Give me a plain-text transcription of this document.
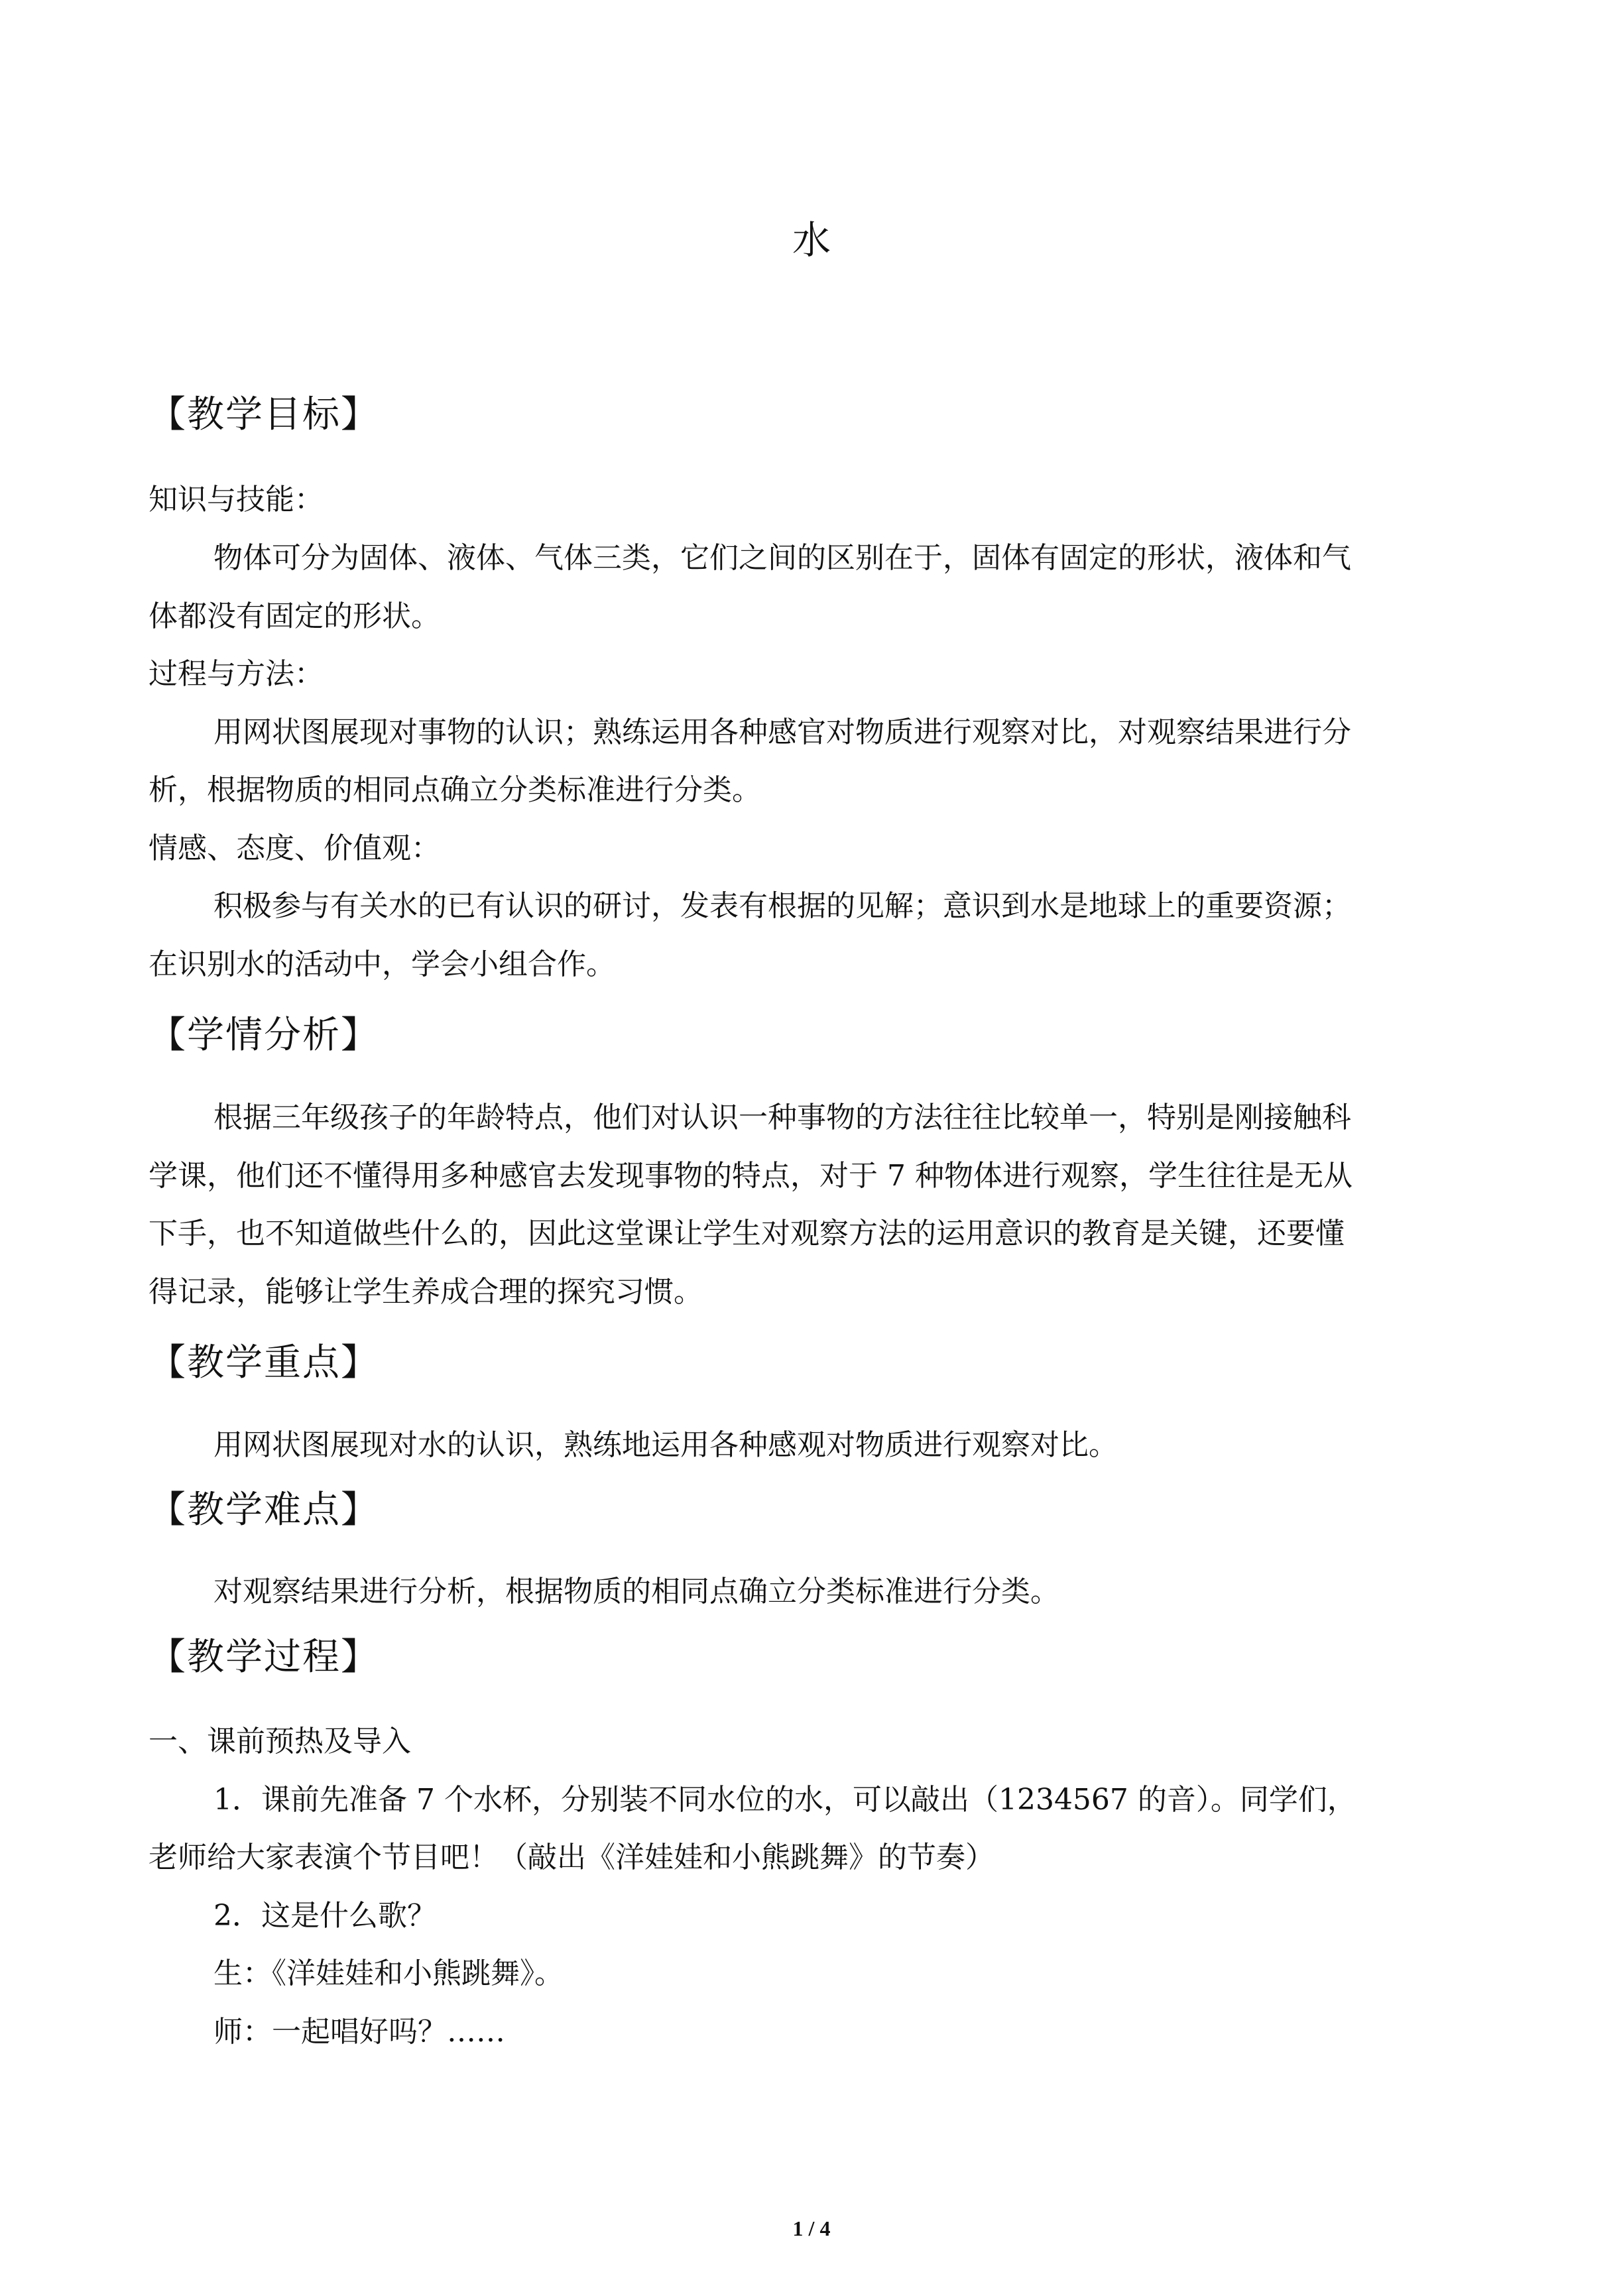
水
【教学目标】
知识与技能：
物体可分为固体、液体、气体三类，它们之间的区别在于，固体有固定的形状，液体和气
体都没有固定的形状。
过程与方法：
用网状图展现对事物的认识；熟练运用各种感官对物质进行观察对比，对观察结果进行分
析，根据物质的相同点确立分类标准进行分类。
情感、态度、价值观：
积极参与有关水的已有认识的研讨，发表有根据的见解；意识到水是地球上的重要资源；
在识别水的活动中，学会小组合作。
【学情分析】
根据三年级孩子的年龄特点，他们对认识一种事物的方法往往比较单一，特别是刚接触科
学课，他们还不懂得用多种感官去发现事物的特点，对于 7 种物体进行观察，学生往往是无从
下手，也不知道做些什么的，因此这堂课让学生对观察方法的运用意识的教育是关键，还要懂
得记录，能够让学生养成合理的探究习惯。
【教学重点】
用网状图展现对水的认识，熟练地运用各种感观对物质进行观察对比。
【教学难点】
对观察结果进行分析，根据物质的相同点确立分类标准进行分类。
【教学过程】
一、课前预热及导入
1．课前先准备 7 个水杯，分别装不同水位的水，可以敲出（1234567 的音）。同学们，
老师给大家表演个节目吧！（敲出《洋娃娃和小熊跳舞》的节奏）
2．这是什么歌？
生：《洋娃娃和小熊跳舞》。
师：一起唱好吗？……
1 / 4
